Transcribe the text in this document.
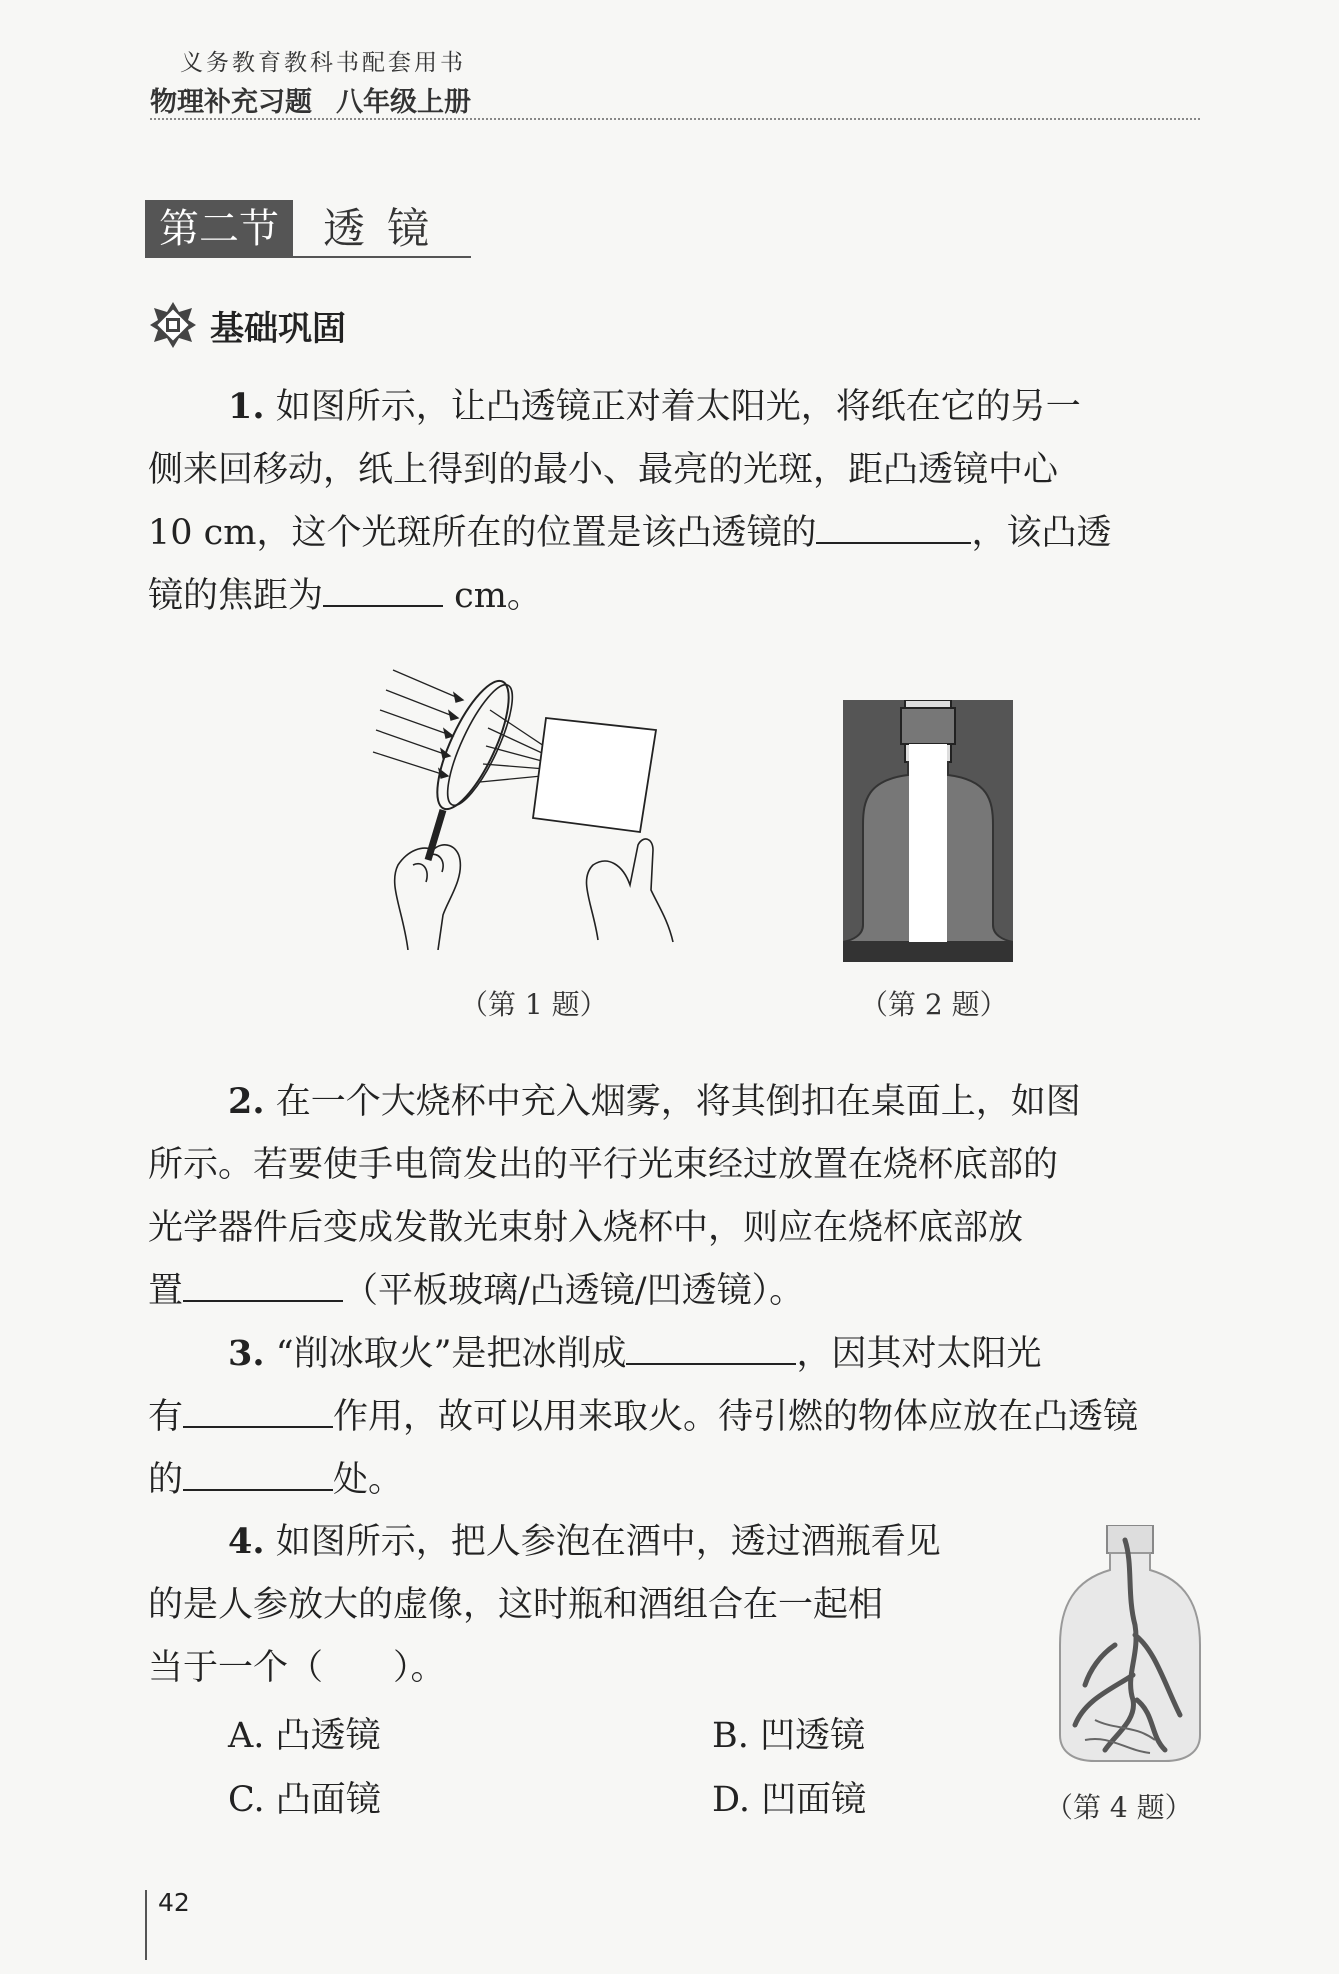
义务教育教科书配套用书
物理补充习题 八年级上册
第二节	透镜
基础巩固
1. 如图所示，让凸透镜正对着太阳光，将纸在它的另一
侧来回移动，纸上得到的最小、最亮的光斑，距凸透镜中心
10 cm，这个光斑所在的位置是该凸透镜的	，该凸透
镜的焦距为	cm。
（第 1 题）	（第 2 题）
2. 在一个大烧杯中充入烟雾，将其倒扣在桌面上，如图
所示。若要使手电筒发出的平行光束经过放置在烧杯底部的
光学器件后变成发散光束射入烧杯中，则应在烧杯底部放
置	（平板玻璃/凸透镜/凹透镜）。
3. “削冰取火”是把冰削成	，因其对太阳光
有	作用，故可以用来取火。待引燃的物体应放在凸透镜
的	处。
4. 如图所示，把人参泡在酒中，透过酒瓶看见
的是人参放大的虚像，这时瓶和酒组合在一起相
当于一个（　　）。
A. 凸透镜	B. 凹透镜
C. 凸面镜	D. 凹面镜	（第 4 题）
42
